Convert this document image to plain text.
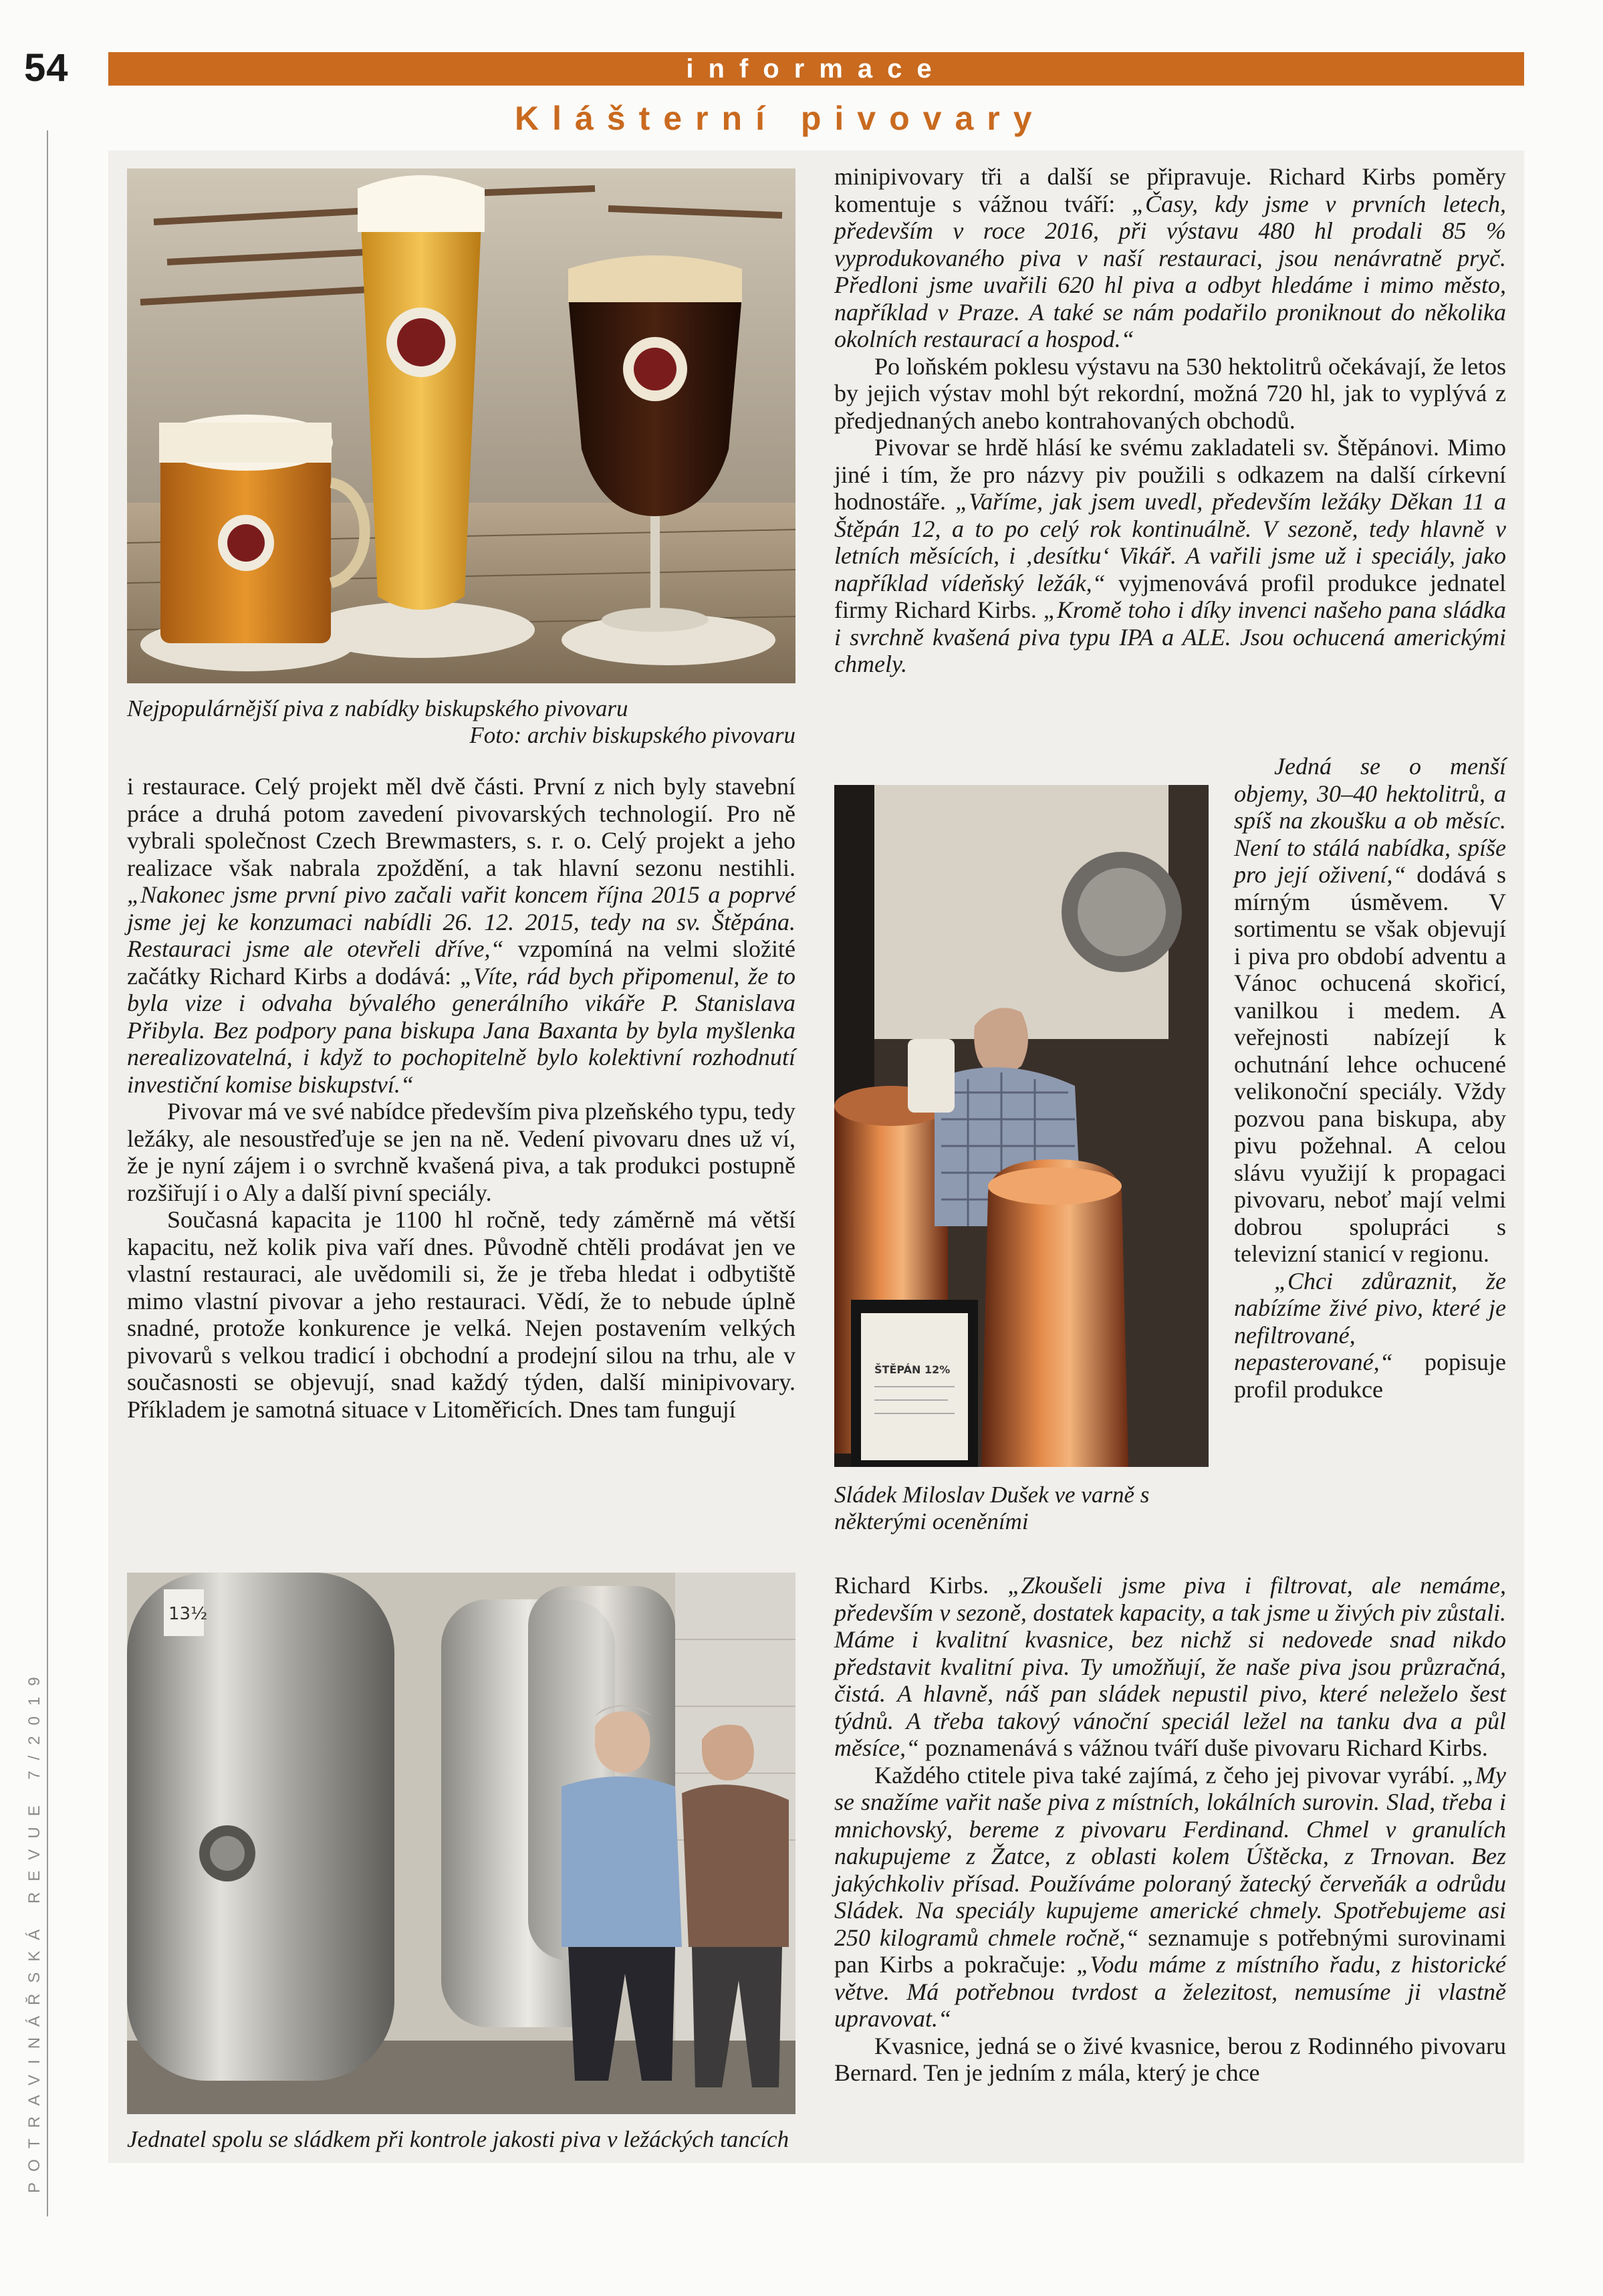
54	informace
Klášterní pivovary
POTRAVINÁŘSKÁ REVUE 7/2019
Nejpopulárnější piva z nabídky biskupského pivovaru
Foto: archiv biskupského pivovaru

i restaurace. Celý projekt měl dvě části. První z nich byly stavební práce a druhá potom zavedení pivovarských technologií. Pro ně vybrali společnost Czech Brewmasters, s. r. o. Celý projekt a jeho realizace však nabrala zpoždění, a tak hlavní sezonu nestihli. „Nakonec jsme první pivo začali vařit koncem října 2015 a poprvé jsme jej ke konzumaci nabídli 26. 12. 2015, tedy na sv. Štěpána. Restauraci jsme ale otevřeli dříve,“ vzpomíná na velmi složité začátky Richard Kirbs a dodává: „Víte, rád bych připomenul, že to byla vize i odvaha bývalého generálního vikáře P. Stanislava Přibyla. Bez podpory pana biskupa Jana Baxanta by byla myšlenka nerealizovatelná, i když to pochopitelně bylo kolektivní rozhodnutí investiční komise biskupství.“

Pivovar má ve své nabídce především piva plzeňského typu, tedy ležáky, ale nesoustřeďuje se jen na ně. Vedení pivovaru dnes už ví, že je nyní zájem i o svrchně kvašená piva, a tak produkci postupně rozšiřují i o Aly a další pivní speciály.

Současná kapacita je 1100 hl ročně, tedy záměrně má větší kapacitu, než kolik piva vaří dnes. Původně chtěli prodávat jen ve vlastní restauraci, ale uvědomili si, že je třeba hledat i odbytiště mimo vlastní pivovar a jeho restauraci. Vědí, že to nebude úplně snadné, protože konkurence je velká. Nejen postavením velkých pivovarů s velkou tradicí i obchodní a prodejní silou na trhu, ale v současnosti se objevují, snad každý týden, další minipivovary. Příkladem je samotná situace v Litoměřicích. Dnes tam fungují

13½
Jednatel spolu se sládkem při kontrole jakosti piva v ležáckých tancích

minipivovary tři a další se připravuje. Richard Kirbs poměry komentuje s vážnou tváří: „Časy, kdy jsme v prvních letech, především v roce 2016, při výstavu 480 hl prodali 85 % vyprodukovaného piva v naší restauraci, jsou nenávratně pryč. Předloni jsme uvařili 620 hl piva a odbyt hledáme i mimo město, například v Praze. A také se nám podařilo proniknout do několika okolních restaurací a hospod.“

Po loňském poklesu výstavu na 530 hektolitrů očekávají, že letos by jejich výstav mohl být rekordní, možná 720 hl, jak to vyplývá z předjednaných anebo kontrahovaných obchodů.

Pivovar se hrdě hlásí ke svému zakladateli sv. Štěpánovi. Mimo jiné i tím, že pro názvy piv použili s odkazem na další církevní hodnostáře. „Vaříme, jak jsem uvedl, především ležáky Děkan 11 a Štěpán 12, a to po celý rok kontinuálně. V sezoně, tedy hlavně v letních měsících, i ‚desítku‘ Vikář. A vařili jsme už i speciály, jako například vídeňský ležák,“ vyjmenovává profil produkce jednatel firmy Richard Kirbs. „Kromě toho i díky invenci našeho pana sládka i svrchně kvašená piva typu IPA a ALE. Jsou ochucená americkými chmely.

ŠTĚPÁN 12%
Sládek Miloslav Dušek ve varně s některými oceněními

Jedná se o menší objemy, 30–40 hektolitrů, a spíš na zkoušku a ob měsíc. Není to stálá nabídka, spíše pro její oživení,“ dodává s mírným úsměvem. V sortimentu se však objevují i piva pro období adventu a Vánoc ochucená skořicí, vanilkou i medem. A veřejnosti nabízejí k ochutnání lehce ochucené velikonoční speciály. Vždy pozvou pana biskupa, aby pivu požehnal. A celou slávu využijí k propagaci pivovaru, neboť mají velmi dobrou spolupráci s televizní stanicí v regionu.

„Chci zdůraznit, že nabízíme živé pivo, které je nefiltrované, nepasterované,“ popisuje profil produkce

Richard Kirbs. „Zkoušeli jsme piva i filtrovat, ale nemáme, především v sezoně, dostatek kapacity, a tak jsme u živých piv zůstali. Máme i kvalitní kvasnice, bez nichž si nedovede snad nikdo představit kvalitní piva. Ty umožňují, že naše piva jsou průzračná, čistá. A hlavně, náš pan sládek nepustil pivo, které neleželo šest týdnů. A třeba takový vánoční speciál ležel na tanku dva a půl měsíce,“ poznamenává s vážnou tváří duše pivovaru Richard Kirbs.

Každého ctitele piva také zajímá, z čeho jej pivovar vyrábí. „My se snažíme vařit naše piva z místních, lokálních surovin. Slad, třeba i mnichovský, bereme z pivovaru Ferdinand. Chmel v granulích nakupujeme z Žatce, z oblasti kolem Úštěcka, z Trnovan. Bez jakýchkoliv přísad. Používáme poloraný žatecký červeňák a odrůdu Sládek. Na speciály kupujeme americké chmely. Spotřebujeme asi 250 kilogramů chmele ročně,“ seznamuje s potřebnými surovinami pan Kirbs a pokračuje: „Vodu máme z místního řadu, z historické větve. Má potřebnou tvrdost a železitost, nemusíme ji vlastně upravovat.“

Kvasnice, jedná se o živé kvasnice, berou z Rodinného pivovaru Bernard. Ten je jedním z mála, který je chce
